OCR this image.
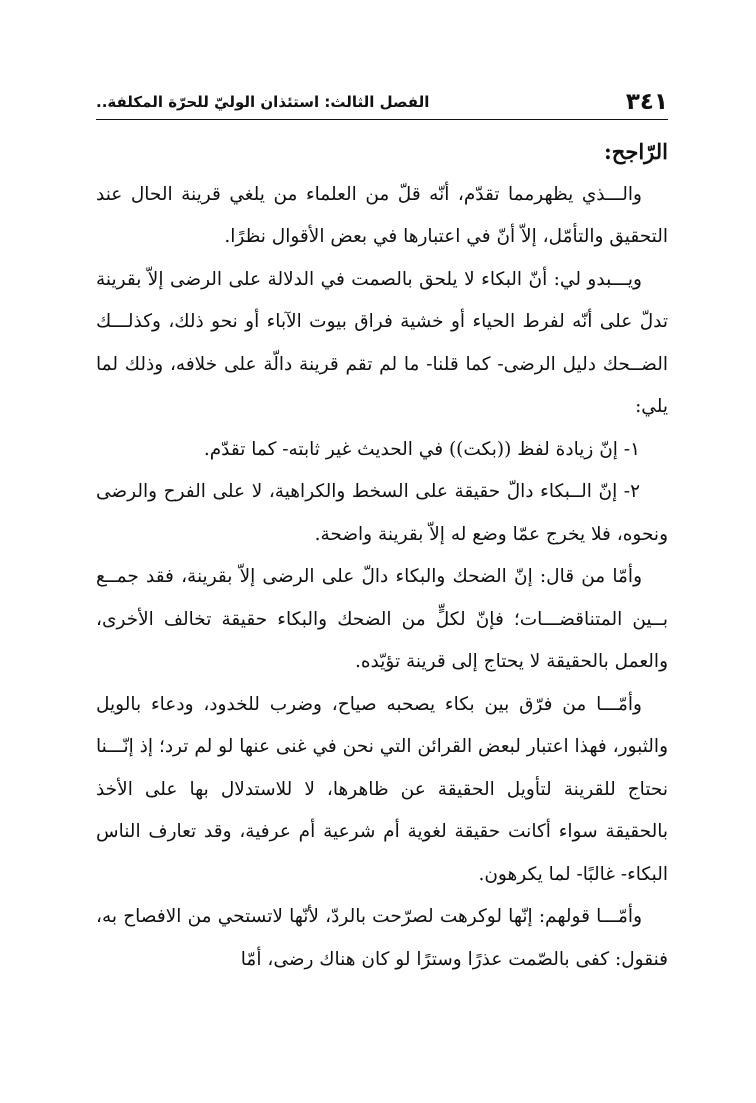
٣٤١
الفصل الثالث: استئذان الوليّ للحرّة المكلفة..

الرّاجح:

والـــذي يظهرمما تقدّم، أنّه قلّ من العلماء من يلغي قرينة الحال عند التحقيق والتأمّل، إلاّ أنّ في اعتبارها في بعض الأقوال نظرًا.

ويـــبدو لي: أنّ البكاء لا يلحق بالصمت في الدلالة على الرضى إلاّ بقرينة تدلّ على أنّه لفرط الحياء أو خشية فراق بيوت الآباء أو نحو ذلك، وكذلـــك الضــحك دليل الرضى- كما قلنا- ما لم تقم قرينة دالّة على خلافه، وذلك لما يلي:

١- إنّ زيادة لفظ ((بكت)) في الحديث غير ثابته- كما تقدّم.

٢- إنّ الــبكاء دالّ حقيقة على السخط والكراهية، لا على الفرح والرضى ونحوه، فلا يخرج عمّا وضع له إلاّ بقرينة واضحة.

وأمّا من قال: إنّ الضحك والبكاء دالّ على الرضى إلاّ بقرينة، فقد جمــع بــين المتناقضـــات؛ فإنّ لكلٍّ من الضحك والبكاء حقيقة تخالف الأخرى، والعمل بالحقيقة لا يحتاج إلى قرينة تؤيّده.

وأمّـــا من فرّق بين بكاء يصحبه صياح، وضرب للخدود، ودعاء بالويل والثبور، فهذا اعتبار لبعض القرائن التي نحن في غنى عنها لو لم ترد؛ إذ إنّـــنا نحتاج للقرينة لتأويل الحقيقة عن ظاهرها، لا للاستدلال بها على الأخذ بالحقيقة سواء أكانت حقيقة لغوية أم شرعية أم عرفية، وقد تعارف الناس البكاء- غالبًا- لما يكرهون.

وأمّـــا قولهم: إنّها لوكرهت لصرّحت بالردّ، لأنّها لاتستحي من الافصاح به، فنقول: كفى بالصّمت عذرًا وسترًا لو كان هناك رضى، أمّا
